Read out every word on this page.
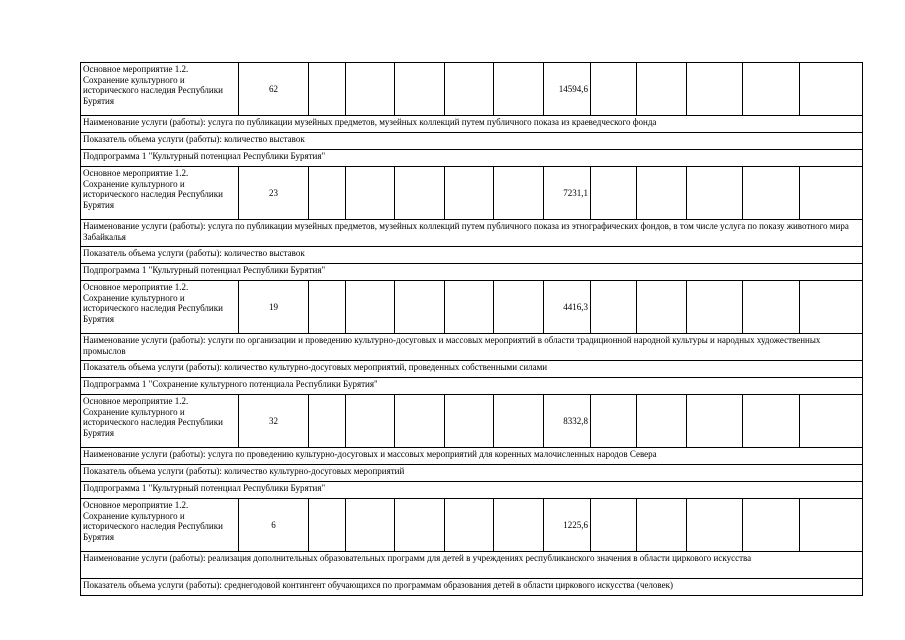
Основное мероприятие 1.2. Сохранение культурного и исторического наследия Республики Бурятия	62						14594,6					
Наименование услуги (работы): услуга по публикации музейных предметов, музейных коллекций путем публичного показа из краеведческого фонда												
Показатель объема услуги (работы): количество выставок												
Подпрограмма 1 "Культурный потенциал Республики Бурятия"												
Основное мероприятие 1.2. Сохранение культурного и исторического наследия Республики Бурятия	23						7231,1					
Наименование услуги (работы): услуга по публикации музейных предметов, музейных коллекций путем публичного показа из этнографических фондов, в том числе услуга по показу животного мира Забайкалья												
Показатель объема услуги (работы): количество выставок												
Подпрограмма 1 "Культурный потенциал Республики Бурятия"												
Основное мероприятие 1.2. Сохранение культурного и исторического наследия Республики Бурятия	19						4416,3					
Наименование услуги (работы): услуги по организации и проведению культурно-досуговых и массовых мероприятий в области традиционной народной культуры и народных художественных промыслов												
Показатель объема услуги (работы): количество культурно-досуговых мероприятий, проведенных собственными силами												
Подпрограмма 1 "Сохранение культурного потенциала Республики Бурятия"												
Основное мероприятие 1.2. Сохранение культурного и исторического наследия Республики Бурятия	32						8332,8					
Наименование услуги (работы): услуга по проведению культурно-досуговых и массовых мероприятий для коренных малочисленных народов Севера												
Показатель объема услуги (работы): количество культурно-досуговых мероприятий												
Подпрограмма 1 "Культурный потенциал Республики Бурятия"												
Основное мероприятие 1.2. Сохранение культурного и исторического наследия Республики Бурятия	6						1225,6					
Наименование услуги (работы): реализация дополнительных образовательных программ для детей в учреждениях республиканского значения в области циркового искусства												
Показатель объема услуги (работы): среднегодовой контингент обучающихся по программам образования детей в области циркового искусства (человек)												
